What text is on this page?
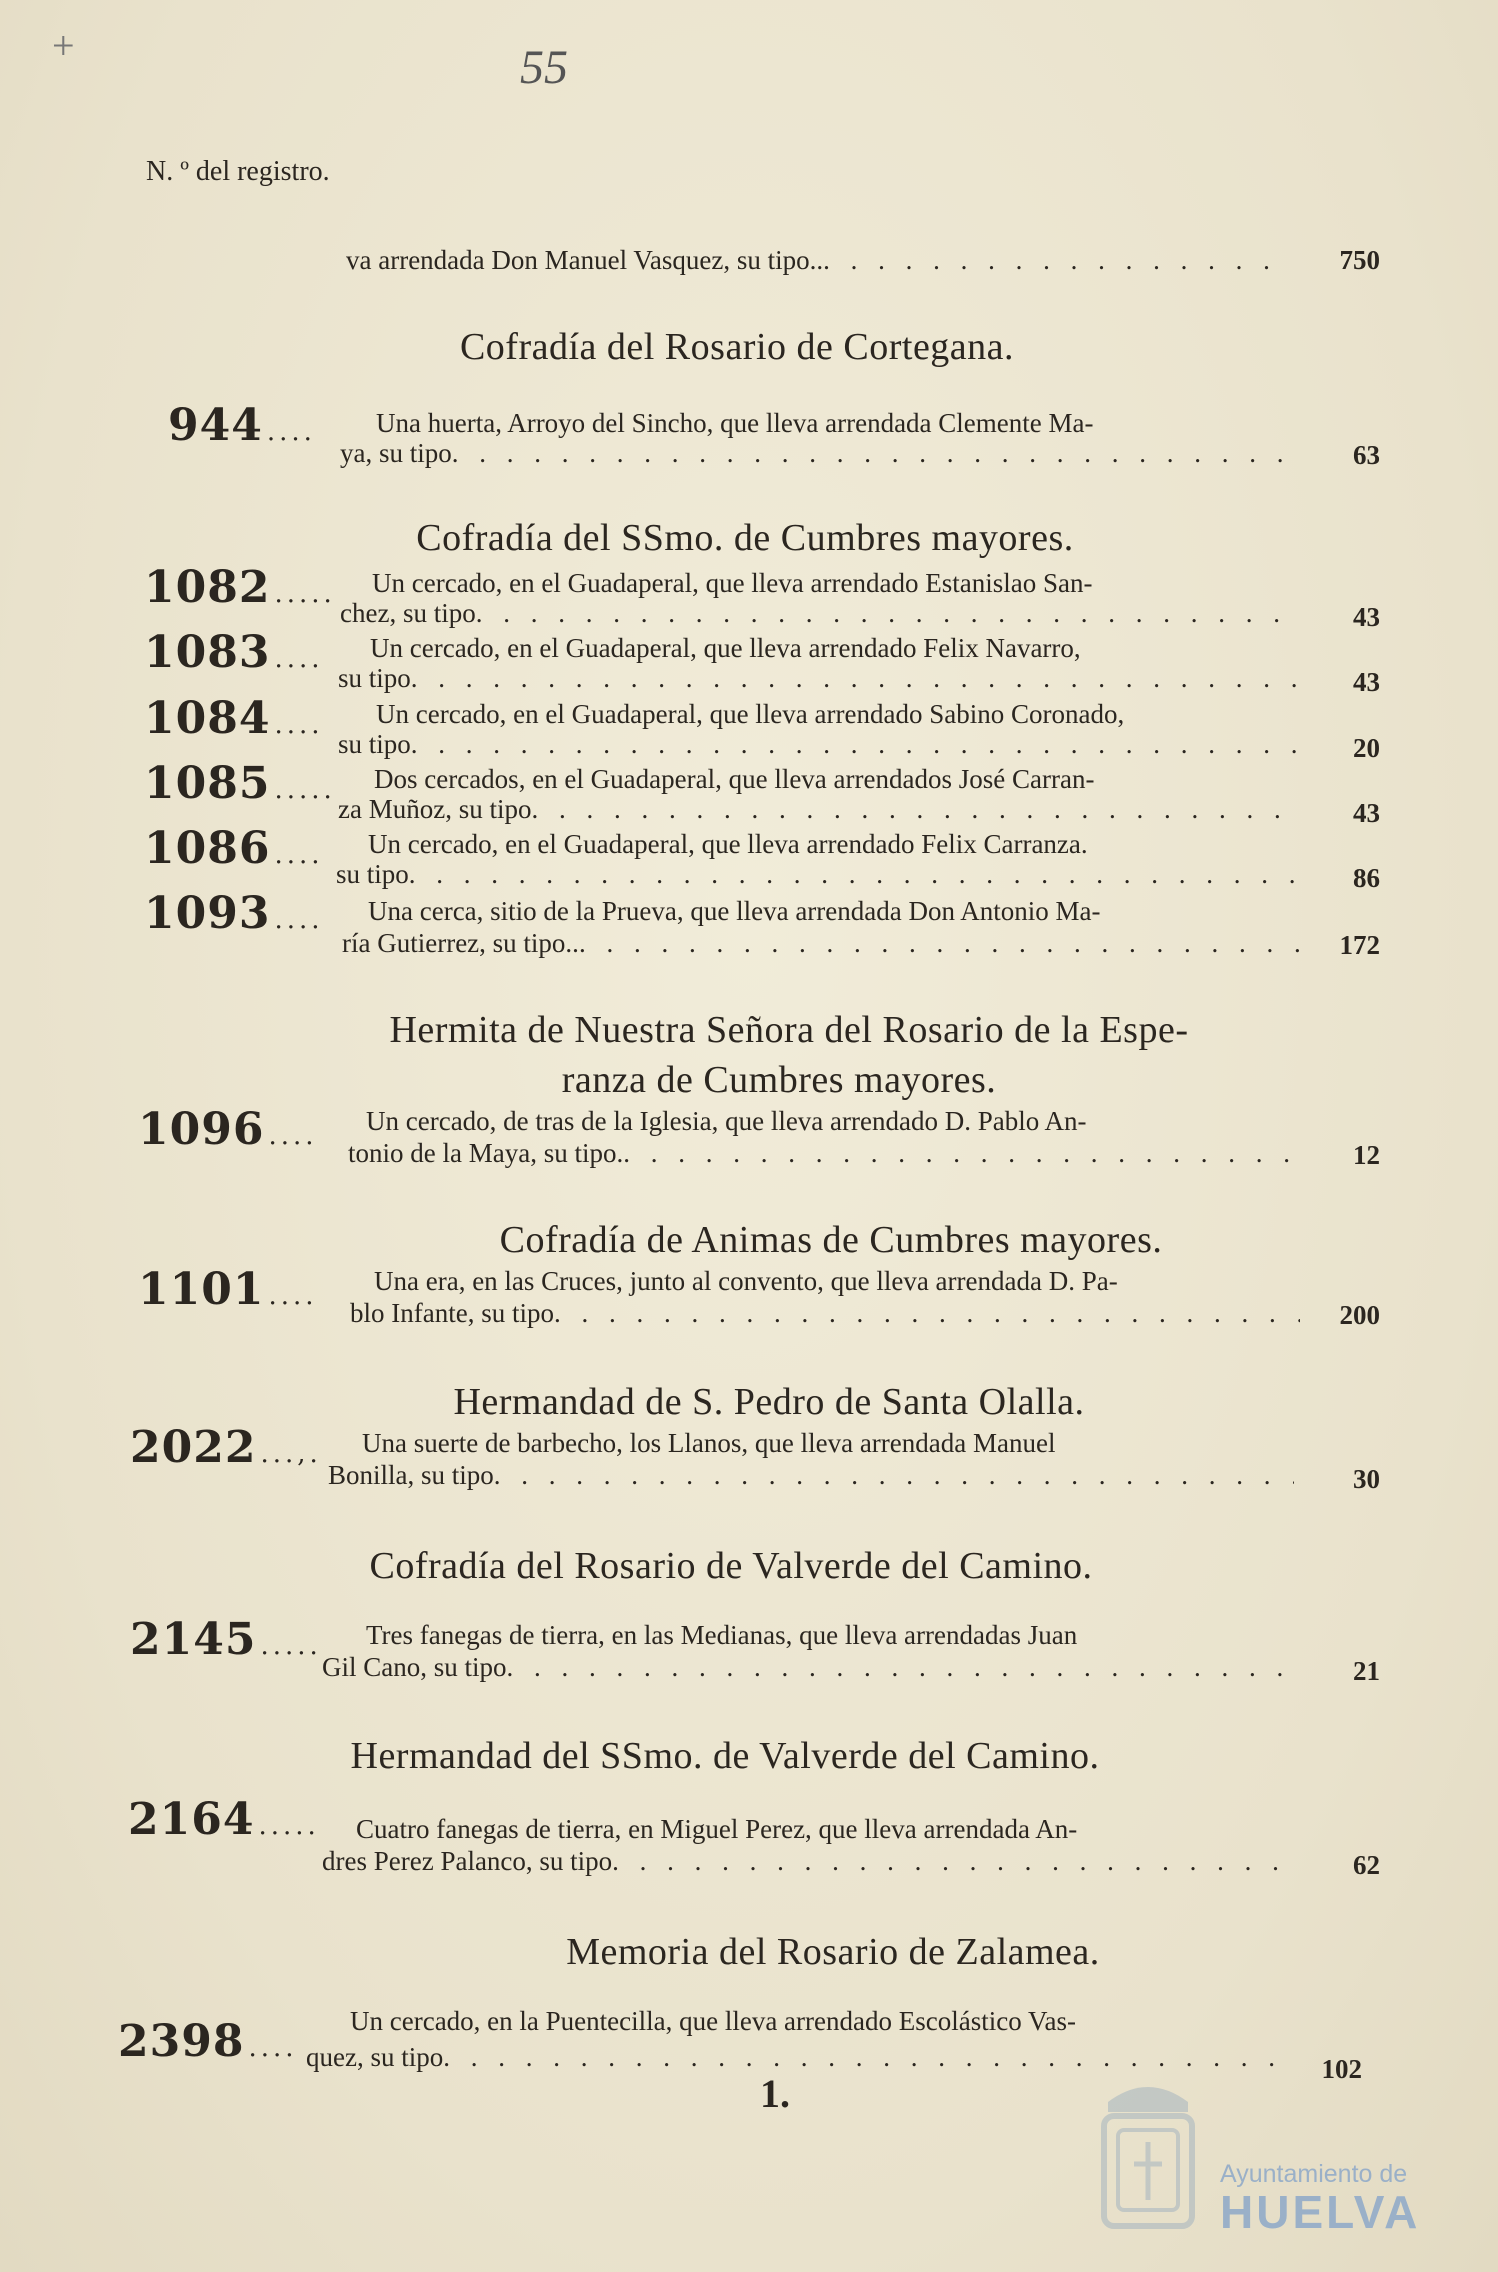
+	55
N. º del registro.
va arrendada Don Manuel Vasquez, su tipo.. . . .	750
Cofradía del Rosario de Cortegana.
944 .... Una huerta, Arroyo del Sincho, que lleva arrendada Clemente Ma-
ya, su tipo . . .	63
Cofradía del SSmo. de Cumbres mayores.
1082 ..... Un cercado, en el Guadaperal, que lleva arrendado Estanislao San-
chez, su tipo . . .	43
1083 .... Un cercado, en el Guadaperal, que lleva arrendado Felix Navarro,
su tipo . . .	43
1084 .... Un cercado, en el Guadaperal, que lleva arrendado Sabino Coronado,
su tipo . . .	20
1085 ..... Dos cercados, en el Guadaperal, que lleva arrendados José Carran-
za Muñoz, su tipo . . .	43
1086 .... Un cercado, en el Guadaperal, que lleva arrendado Felix Carranza.
su tipo . . .	86
1093 .... Una cerca, sitio de la Prueva, que lleva arrendada Don Antonio Ma-
ría Gutierrez, su tipo.. . . .	172
Hermita de Nuestra Señora del Rosario de la Espe-
ranza de Cumbres mayores.
1096 .... Un cercado, de tras de la Iglesia, que lleva arrendado D. Pablo An-
tonio de la Maya, su tipo. . . .	12
Cofradía de Animas de Cumbres mayores.
1101 .... Una era, en las Cruces, junto al convento, que lleva arrendada D. Pa-
blo Infante, su tipo . . .	200
Hermandad de S. Pedro de Santa Olalla.
2022 ...,. Una suerte de barbecho, los Llanos, que lleva arrendada Manuel
Bonilla, su tipo . . .	30
Cofradía del Rosario de Valverde del Camino.
2145 ..... Tres fanegas de tierra, en las Medianas, que lleva arrendadas Juan
Gil Cano, su tipo . . .	21
Hermandad del SSmo. de Valverde del Camino.
2164 ..... Cuatro fanegas de tierra, en Miguel Perez, que lleva arrendada An-
dres Perez Palanco, su tipo . . .	62
Memoria del Rosario de Zalamea.
2398 ....
Un cercado, en la Puentecilla, que lleva arrendado Escolástico Vas-
quez, su tipo . . .	102
1.
Ayuntamiento de
HUELVA
